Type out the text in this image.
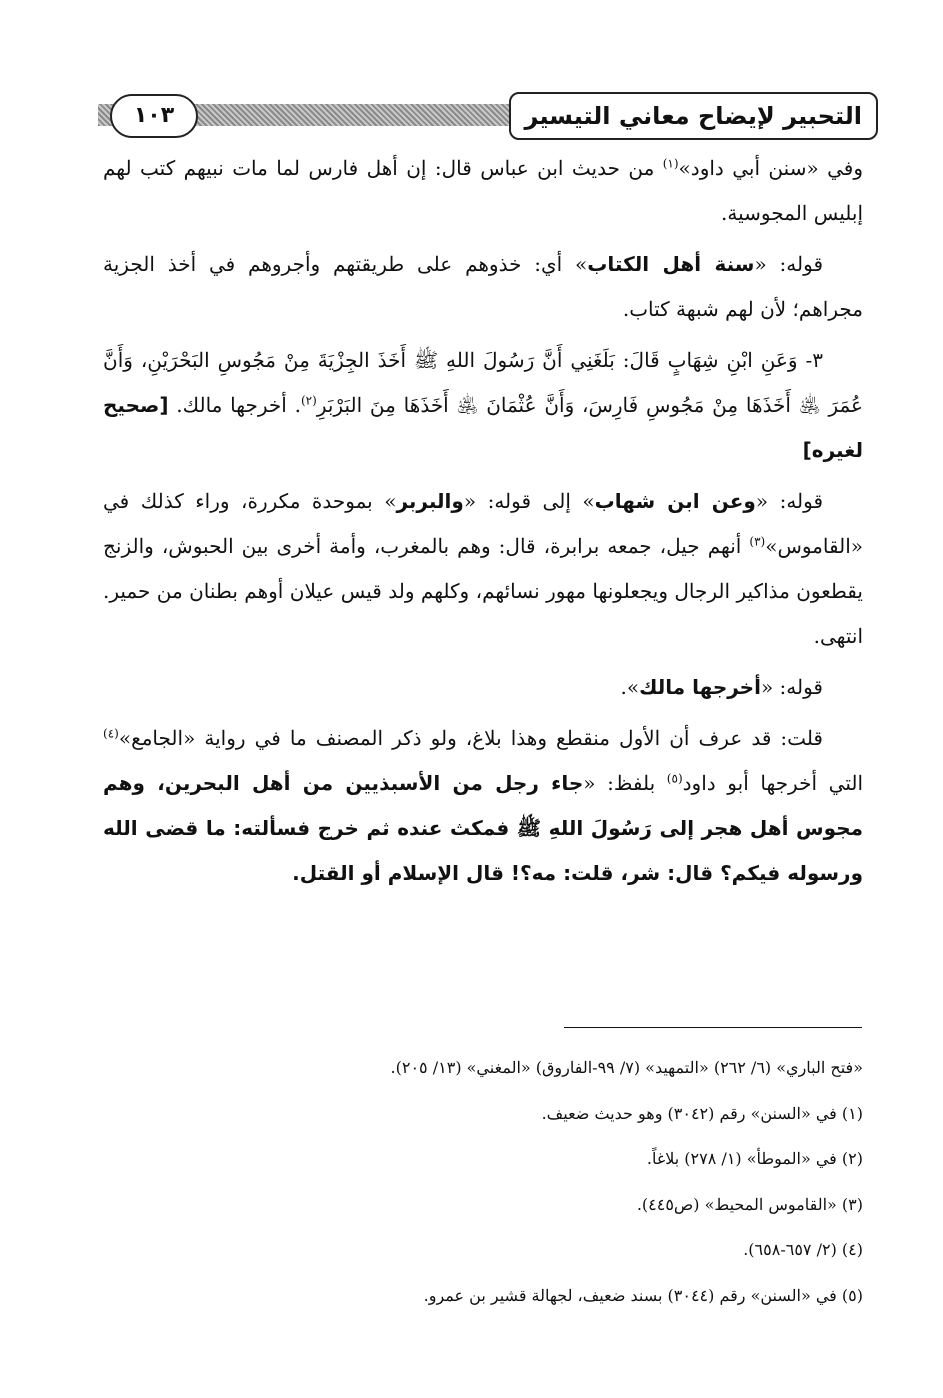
التحبير لإيضاح معاني التيسير
١٠٣

وفي «سنن أبي داود»$^{(١)}$ من حديث ابن عباس قال: إن أهل فارس لما مات نبيهم كتب لهم إبليس المجوسية.

قوله: «سنة أهل الكتاب» أي: خذوهم على طريقتهم وأجروهم في أخذ الجزية مجراهم؛ لأن لهم شبهة كتاب.

٣- وَعَنِ ابْنِ شِهَابٍ قَالَ: بَلَغَنِي أَنَّ رَسُولَ اللهِ ﷺ أَخَذَ الجِزْيَةَ مِنْ مَجُوسِ البَحْرَيْنِ، وَأَنَّ عُمَرَ ﵁ أَخَذَهَا مِنْ مَجُوسِ فَارِسَ، وَأَنَّ عُثْمَانَ ﵁ أَخَذَهَا مِنَ البَرْبَرِ$^{(٢)}$. أخرجها مالك. [صحيح لغيره]

قوله: «وعن ابن شهاب» إلى قوله: «والبربر» بموحدة مكررة، وراء كذلك في «القاموس»$^{(٣)}$ أنهم جيل، جمعه برابرة، قال: وهم بالمغرب، وأمة أخرى بين الحبوش، والزنج يقطعون مذاكير الرجال ويجعلونها مهور نسائهم، وكلهم ولد قيس عيلان أوهم بطنان من حمير. انتهى.

قوله: «أخرجها مالك».

قلت: قد عرف أن الأول منقطع وهذا بلاغ، ولو ذكر المصنف ما في رواية «الجامع»$^{(٤)}$ التي أخرجها أبو داود$^{(٥)}$ بلفظ: «جاء رجل من الأسبذيين من أهل البحرين، وهم مجوس أهل هجر إلى رَسُولَ اللهِ ﷺ فمكث عنده ثم خرج فسألته: ما قضى الله ورسوله فيكم؟ قال: شر، قلت: مه؟! قال الإسلام أو القتل.

«فتح الباري» (٦/ ٢٦٢) «التمهيد» (٧/ ٩٩-الفاروق) «المغني» (١٣/ ٢٠٥).
(١) في «السنن» رقم (٣٠٤٢) وهو حديث ضعيف.
(٢) في «الموطأ» (١/ ٢٧٨) بلاغاً.
(٣) «القاموس المحيط» (ص٤٤٥).
(٤) (٢/ ٦٥٧-٦٥٨).
(٥) في «السنن» رقم (٣٠٤٤) بسند ضعيف، لجهالة قشير بن عمرو.
